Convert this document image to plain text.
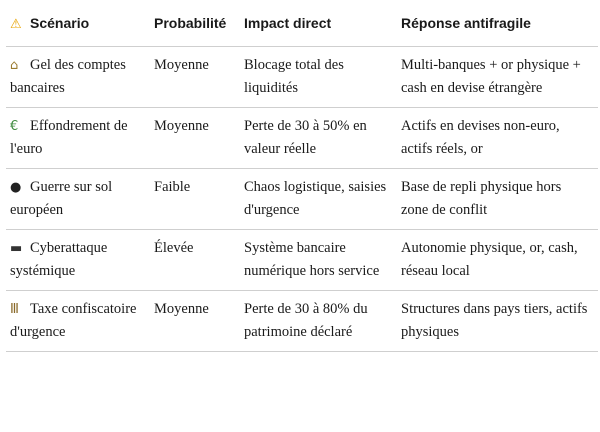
⚠ Scénario	Probabilité	Impact direct	Réponse antifragile
⌂ Gel des comptes bancaires	Moyenne	Blocage total des liquidités	Multi-banques + or physique + cash en devise étrangère
€ Effondrement de l'euro	Moyenne	Perte de 30 à 50% en valeur réelle	Actifs en devises non-euro, actifs réels, or
● Guerre sur sol européen	Faible	Chaos logistique, saisies d'urgence	Base de repli physique hors zone de conflit
▬ Cyberattaque systémique	Élevée	Système bancaire numérique hors service	Autonomie physique, or, cash, réseau local
Ⅲ Taxe confiscatoire d'urgence	Moyenne	Perte de 30 à 80% du patrimoine déclaré	Structures dans pays tiers, actifs physiques
